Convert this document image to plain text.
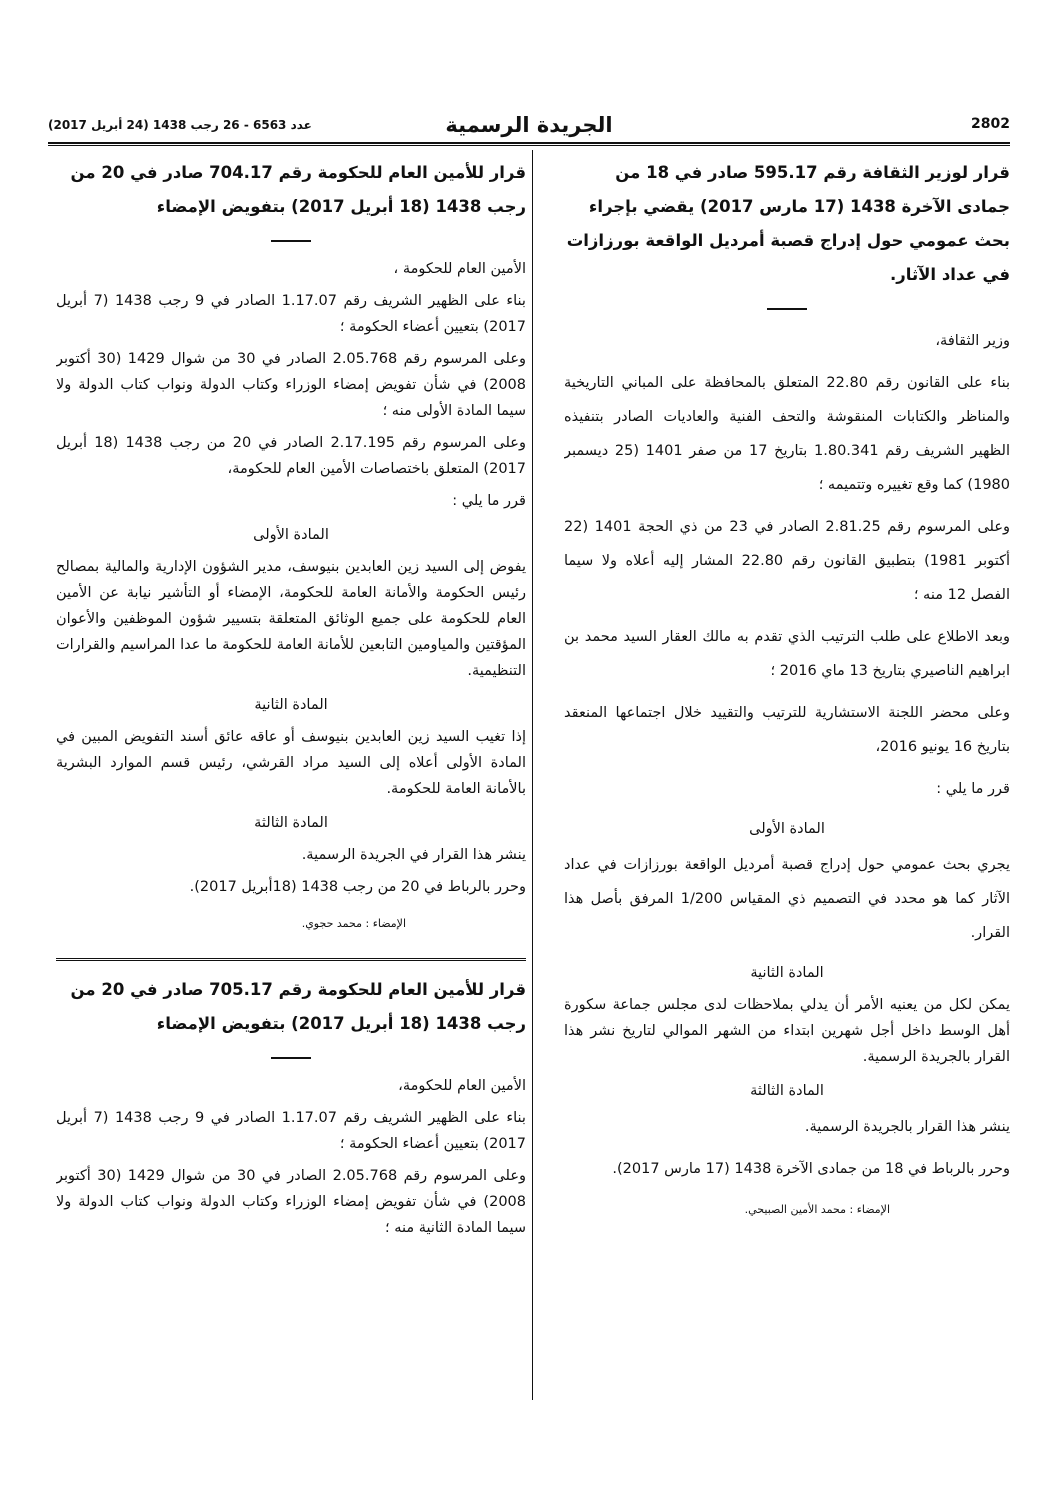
2802
الجريدة الرسمية
عدد 6563 - 26 رجب 1438 (24 أبريل 2017)
قرار لوزير الثقافة رقم 595.17 صادر في 18 من جمادى الآخرة 1438 (17 مارس 2017) يقضي بإجراء بحث عمومي حول إدراج قصبة أمرديل الواقعة بورزازات في عداد الآثار.

وزير الثقافة،

بناء على القانون رقم 22.80 المتعلق بالمحافظة على المباني التاريخية والمناظر والكتابات المنقوشة والتحف الفنية والعاديات الصادر بتنفيذه الظهير الشريف رقم 1.80.341 بتاريخ 17 من صفر 1401 (25 ديسمبر 1980) كما وقع تغييره وتتميمه ؛

وعلى المرسوم رقم 2.81.25 الصادر في 23 من ذي الحجة 1401 (22 أكتوبر 1981) بتطبيق القانون رقم 22.80 المشار إليه أعلاه ولا سيما الفصل 12 منه ؛

وبعد الاطلاع على طلب الترتيب الذي تقدم به مالك العقار السيد محمد بن ابراهيم الناصيري بتاريخ 13 ماي 2016 ؛

وعلى محضر اللجنة الاستشارية للترتيب والتقييد خلال اجتماعها المنعقد بتاريخ 16 يونيو 2016،

قرر ما يلي :

المادة الأولى

يجري بحث عمومي حول إدراج قصبة أمرديل الواقعة بورزازات في عداد الآثار كما هو محدد في التصميم ذي المقياس 1/200 المرفق بأصل هذا القرار.

المادة الثانية

يمكن لكل من يعنيه الأمر أن يدلي بملاحظات لدى مجلس جماعة سكورة أهل الوسط داخل أجل شهرين ابتداء من الشهر الموالي لتاريخ نشر هذا القرار بالجريدة الرسمية.

المادة الثالثة

ينشر هذا القرار بالجريدة الرسمية.

وحرر بالرباط في 18 من جمادى الآخرة 1438 (17 مارس 2017).

الإمضاء : محمد الأمين الصبيحي.
قرار للأمين العام للحكومة رقم 704.17 صادر في 20 من رجب 1438 (18 أبريل 2017) بتفويض الإمضاء

الأمين العام للحكومة ،

بناء على الظهير الشريف رقم 1.17.07 الصادر في 9 رجب 1438 (7 أبريل 2017) بتعيين أعضاء الحكومة ؛

وعلى المرسوم رقم 2.05.768 الصادر في 30 من شوال 1429 (30 أكتوبر 2008) في شأن تفويض إمضاء الوزراء وكتاب الدولة ونواب كتاب الدولة ولا سيما المادة الأولى منه ؛

وعلى المرسوم رقم 2.17.195 الصادر في 20 من رجب 1438 (18 أبريل 2017) المتعلق باختصاصات الأمين العام للحكومة،

قرر ما يلي :

المادة الأولى

يفوض إلى السيد زين العابدين بنيوسف، مدير الشؤون الإدارية والمالية بمصالح رئيس الحكومة والأمانة العامة للحكومة، الإمضاء أو التأشير نيابة عن الأمين العام للحكومة على جميع الوثائق المتعلقة بتسيير شؤون الموظفين والأعوان المؤقتين والمياومين التابعين للأمانة العامة للحكومة ما عدا المراسيم والقرارات التنظيمية.

المادة الثانية

إذا تغيب السيد زين العابدين بنيوسف أو عاقه عائق أسند التفويض المبين في المادة الأولى أعلاه إلى السيد مراد القرشي، رئيس قسم الموارد البشرية بالأمانة العامة للحكومة.

المادة الثالثة

ينشر هذا القرار في الجريدة الرسمية.

وحرر بالرباط في 20 من رجب 1438 (18أبريل 2017).

الإمضاء : محمد حجوي.
قرار للأمين العام للحكومة رقم 705.17 صادر في 20 من رجب 1438 (18 أبريل 2017) بتفويض الإمضاء

الأمين العام للحكومة،

بناء على الظهير الشريف رقم 1.17.07 الصادر في 9 رجب 1438 (7 أبريل 2017) بتعيين أعضاء الحكومة ؛

وعلى المرسوم رقم 2.05.768 الصادر في 30 من شوال 1429 (30 أكتوبر 2008) في شأن تفويض إمضاء الوزراء وكتاب الدولة ونواب كتاب الدولة ولا سيما المادة الثانية منه ؛
